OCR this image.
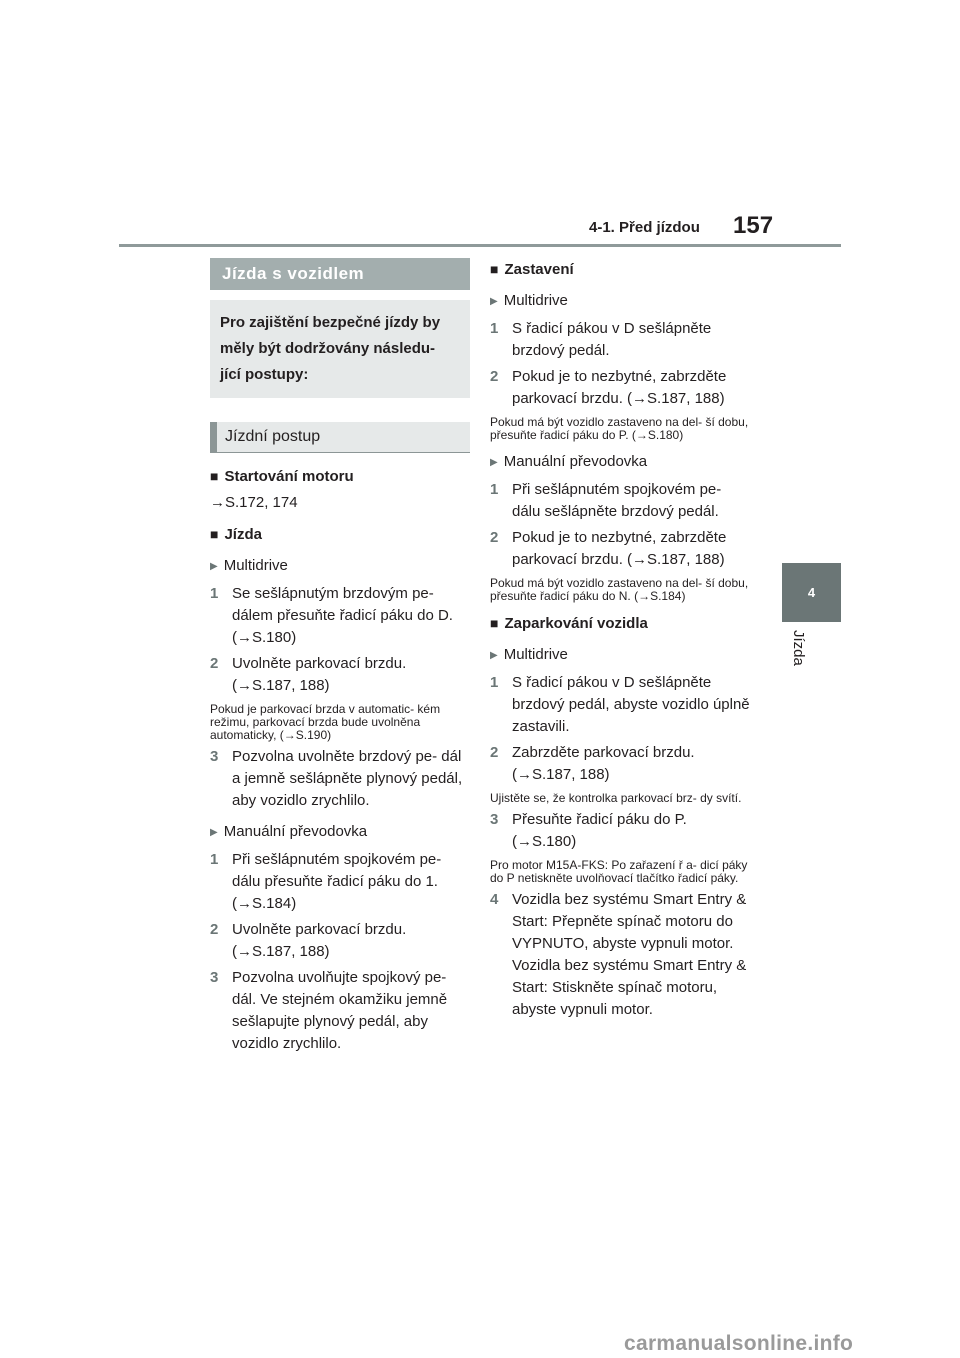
4-1. Před jízdou 157
4
Jízda
Jízda s vozidlem
Pro zajištění bezpečné jízdy by měly být dodržovány následu- jící postupy:
Jízdní postup
■ Startování motoru
→S.172, 174
■ Jízda
▶ Multidrive
1 Se sešlápnutým brzdovým pe- dálem přesuňte řadicí páku do D. (→S.180)
2 Uvolněte parkovací brzdu. (→S.187, 188)
Pokud je parkovací brzda v automatic- kém režimu, parkovací brzda bude uvolněna automaticky, (→S.190)
3 Pozvolna uvolněte brzdový pe- dál a jemně sešlápněte plynový pedál, aby vozidlo zrychlilo.
▶ Manuální převodovka
1 Při sešlápnutém spojkovém pe- dálu přesuňte řadicí páku do 1. (→S.184)
2 Uvolněte parkovací brzdu. (→S.187, 188)
3 Pozvolna uvolňujte spojkový pe- dál. Ve stejném okamžiku jemně sešlapujte plynový pedál, aby vozidlo zrychlilo.
■ Zastavení
▶ Multidrive
1 S řadicí pákou v D sešlápněte brzdový pedál.
2 Pokud je to nezbytné, zabrzděte parkovací brzdu. (→S.187, 188)
Pokud má být vozidlo zastaveno na del- ší dobu, přesuňte řadicí páku do P. (→S.180)
▶ Manuální převodovka
1 Při sešlápnutém spojkovém pe- dálu sešlápněte brzdový pedál.
2 Pokud je to nezbytné, zabrzděte parkovací brzdu. (→S.187, 188)
Pokud má být vozidlo zastaveno na del- ší dobu, přesuňte řadicí páku do N. (→S.184)
■ Zaparkování vozidla
▶ Multidrive
1 S řadicí pákou v D sešlápněte brzdový pedál, abyste vozidlo úplně zastavili.
2 Zabrzděte parkovací brzdu. (→S.187, 188)
Ujistěte se, že kontrolka parkovací brz- dy svítí.
3 Přesuňte řadicí páku do P. (→S.180)
Pro motor M15A-FKS: Po zařazení ř a- dicí páky do P netiskněte uvolňovací tlačítko řadicí páky.
4 Vozidla bez systému Smart Entry & Start: Přepněte spínač motoru do VYPNUTO, abyste vypnuli motor.
Vozidla bez systému Smart Entry & Start: Stiskněte spínač motoru, abyste vypnuli motor.
carmanualsonline.info
